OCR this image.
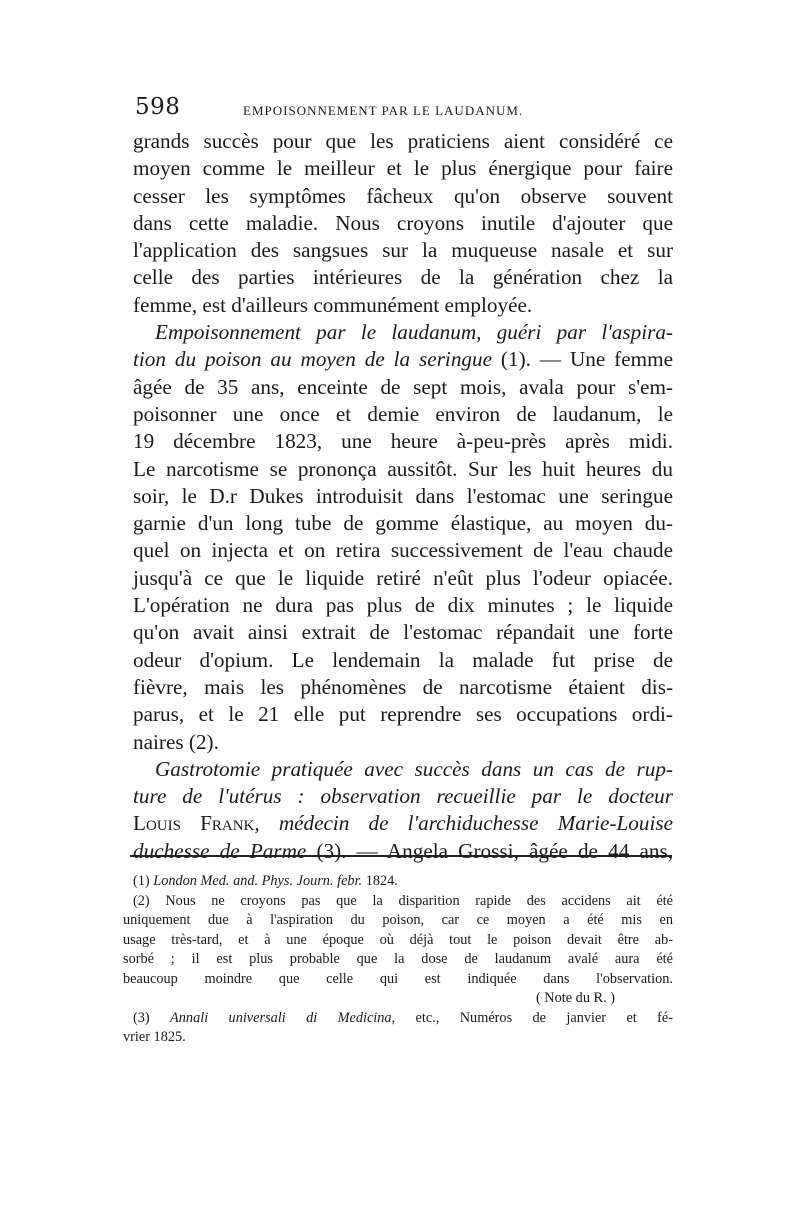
598	EMPOISONNEMENT PAR LE LAUDANUM.
grands succès pour que les praticiens aient considéré ce
moyen comme le meilleur et le plus énergique pour faire
cesser les symptômes fâcheux qu'on observe souvent
dans cette maladie. Nous croyons inutile d'ajouter que
l'application des sangsues sur la muqueuse nasale et sur
celle des parties intérieures de la génération chez la
femme, est d'ailleurs communément employée.
Empoisonnement par le laudanum, guéri par l'aspira-
tion du poison au moyen de la seringue (1). — Une femme
âgée de 35 ans, enceinte de sept mois, avala pour s'em-
poisonner une once et demie environ de laudanum, le
19 décembre 1823, une heure à-peu-près après midi.
Le narcotisme se prononça aussitôt. Sur les huit heures du
soir, le D.r Dukes introduisit dans l'estomac une seringue
garnie d'un long tube de gomme élastique, au moyen du-
quel on injecta et on retira successivement de l'eau chaude
jusqu'à ce que le liquide retiré n'eût plus l'odeur opiacée.
L'opération ne dura pas plus de dix minutes ; le liquide
qu'on avait ainsi extrait de l'estomac répandait une forte
odeur d'opium. Le lendemain la malade fut prise de
fièvre, mais les phénomènes de narcotisme étaient dis-
parus, et le 21 elle put reprendre ses occupations ordi-
naires (2).
Gastrotomie pratiquée avec succès dans un cas de rup-
ture de l'utérus : observation recueillie par le docteur
Louis Frank, médecin de l'archiduchesse Marie-Louise
duchesse de Parme (3). — Angela Grossi, âgée de 44 ans,
(1) London Med. and. Phys. Journ. febr. 1824.
(2) Nous ne croyons pas que la disparition rapide des accidens ait été
uniquement due à l'aspiration du poison, car ce moyen a été mis en
usage très-tard, et à une époque où déjà tout le poison devait être ab-
sorbé ; il est plus probable que la dose de laudanum avalé aura été
beaucoup moindre que celle qui est indiquée dans l'observation.
( Note du R. )
(3) Annali universali di Medicina, etc., Numéros de janvier et fé-
vrier 1825.
